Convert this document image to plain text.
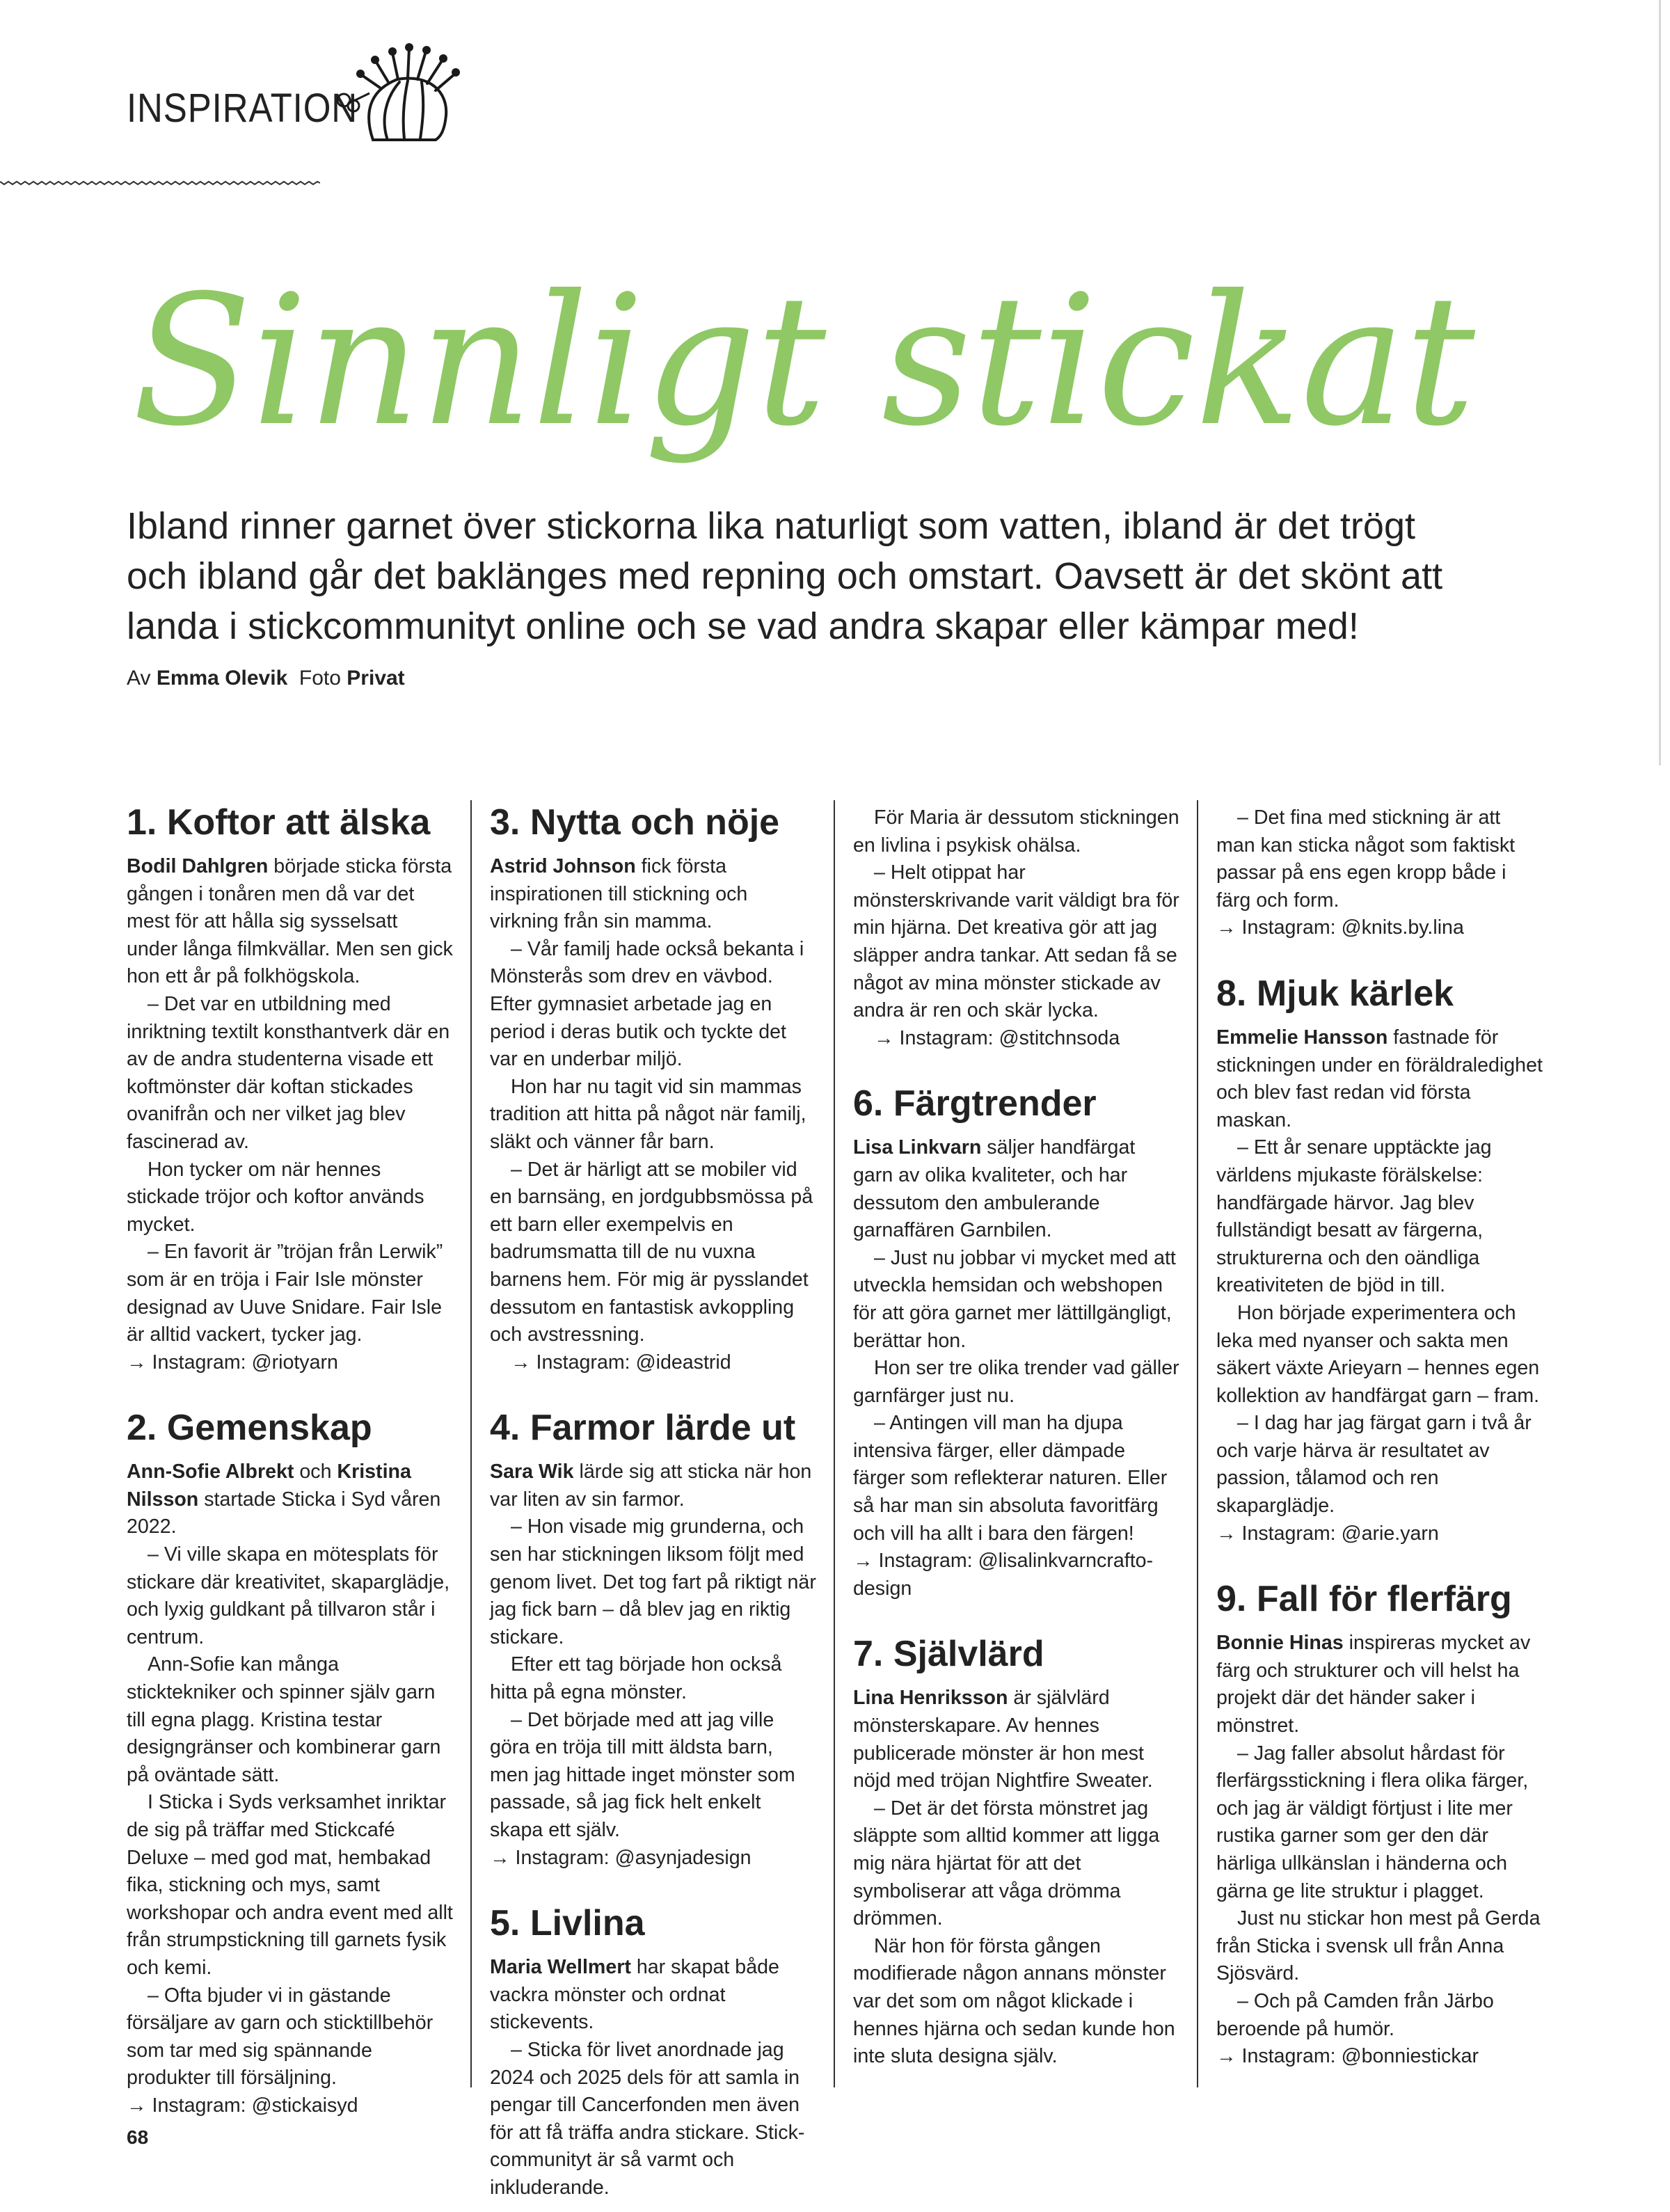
INSPIRATION
Sinnligt stickat

Ibland rinner garnet över stickorna lika naturligt som vatten, ibland är det trögt och ibland går det baklänges med repning och omstart. Oavsett är det skönt att landa i stickcommunityt online och se vad andra skapar eller kämpar med!

Av Emma Olevik Foto Privat
1. Koftor att älska

Bodil Dahlgren började sticka första gången i tonåren men då var det mest för att hålla sig sysselsatt under långa filmkvällar. Men sen gick hon ett år på folkhögskola.

– Det var en utbildning med inriktning textilt konsthantverk där en av de andra studenterna visade ett koftmönster där koftan stickades ovanifrån och ner vilket jag blev fascinerad av.

Hon tycker om när hennes stickade tröjor och koftor används mycket.

– En favorit är ”tröjan från Lerwik” som är en tröja i Fair Isle mönster designad av Uuve Snidare. Fair Isle är alltid vackert, tycker jag.

→ Instagram: @riotyarn

2. Gemenskap

Ann-Sofie Albrekt och Kristina Nilsson startade Sticka i Syd våren 2022.

– Vi ville skapa en mötesplats för stickare där kreativitet, skaparglädje, och lyxig guldkant på tillvaron står i centrum.

Ann-Sofie kan många sticktekniker och spinner själv garn till egna plagg. Kristina testar designgränser och kombinerar garn på oväntade sätt.

I Sticka i Syds verksamhet inriktar de sig på träffar med Stickcafé Deluxe – med god mat, hembakad fika, stickning och mys, samt workshopar och andra event med allt från strumpstickning till garnets fysik och kemi.

– Ofta bjuder vi in gästande försäljare av garn och sticktillbehör som tar med sig spännande produkter till försäljning.

→ Instagram: @stickaisyd

3. Nytta och nöje

Astrid Johnson fick första inspirationen till stickning och virkning från sin mamma.

– Vår familj hade också bekanta i Mönsterås som drev en vävbod. Efter gymnasiet arbetade jag en period i deras butik och tyckte det var en underbar miljö.

Hon har nu tagit vid sin mammas tradition att hitta på något när familj, släkt och vänner får barn.

– Det är härligt att se mobiler vid en barnsäng, en jordgubbsmössa på ett barn eller exempelvis en badrumsmatta till de nu vuxna barnens hem. För mig är pysslandet dessutom en fantastisk avkoppling och avstressning.

→ Instagram: @ideastrid

4. Farmor lärde ut

Sara Wik lärde sig att sticka när hon var liten av sin farmor.

– Hon visade mig grunderna, och sen har stickningen liksom följt med genom livet. Det tog fart på riktigt när jag fick barn – då blev jag en riktig stickare.

Efter ett tag började hon också hitta på egna mönster.

– Det började med att jag ville göra en tröja till mitt äldsta barn, men jag hittade inget mönster som passade, så jag fick helt enkelt skapa ett själv.

→ Instagram: @asynjadesign

5. Livlina

Maria Wellmert har skapat både vackra mönster och ordnat stickevents.

– Sticka för livet anordnade jag 2024 och 2025 dels för att samla in pengar till Cancerfonden men även för att få träffa andra stickare. Stick-communityt är så varmt och inkluderande.

För Maria är dessutom stickningen en livlina i psykisk ohälsa.

– Helt otippat har mönsterskrivande varit väldigt bra för min hjärna. Det kreativa gör att jag släpper andra tankar. Att sedan få se något av mina mönster stickade av andra är ren och skär lycka.

→ Instagram: @stitchnsoda

6. Färgtrender

Lisa Linkvarn säljer handfärgat garn av olika kvaliteter, och har dessutom den ambulerande garnaffären Garnbilen.

– Just nu jobbar vi mycket med att utveckla hemsidan och webshopen för att göra garnet mer lättillgängligt, berättar hon.

Hon ser tre olika trender vad gäller garnfärger just nu.

– Antingen vill man ha djupa intensiva färger, eller dämpade färger som reflekterar naturen. Eller så har man sin absoluta favoritfärg och vill ha allt i bara den färgen!

→ Instagram: @lisalinkvarncraftodesign

7. Självlärd

Lina Henriksson är självlärd mönsterskapare. Av hennes publicerade mönster är hon mest nöjd med tröjan Nightfire Sweater.

– Det är det första mönstret jag släppte som alltid kommer att ligga mig nära hjärtat för att det symboliserar att våga drömma drömmen.

När hon för första gången modifierade någon annans mönster var det som om något klickade i hennes hjärna och sedan kunde hon inte sluta designa själv.

– Det fina med stickning är att man kan sticka något som faktiskt passar på ens egen kropp både i färg och form.

→ Instagram: @knits.by.lina

8. Mjuk kärlek

Emmelie Hansson fastnade för stickningen under en föräldraledighet och blev fast redan vid första maskan.

– Ett år senare upptäckte jag världens mjukaste förälskelse: handfärgade härvor. Jag blev fullständigt besatt av färgerna, strukturerna och den oändliga kreativiteten de bjöd in till.

Hon började experimentera och leka med nyanser och sakta men säkert växte Arieyarn – hennes egen kollektion av handfärgat garn – fram.

– I dag har jag färgat garn i två år och varje härva är resultatet av passion, tålamod och ren skaparglädje.

→ Instagram: @arie.yarn

9. Fall för flerfärg

Bonnie Hinas inspireras mycket av färg och strukturer och vill helst ha projekt där det händer saker i mönstret.

– Jag faller absolut hårdast för flerfärgsstickning i flera olika färger, och jag är väldigt förtjust i lite mer rustika garner som ger den där härliga ullkänslan i händerna och gärna ge lite struktur i plagget.

Just nu stickar hon mest på Gerda från Sticka i svensk ull från Anna Sjösvärd.

– Och på Camden från Järbo beroende på humör.

→ Instagram: @bonniestickar

68
